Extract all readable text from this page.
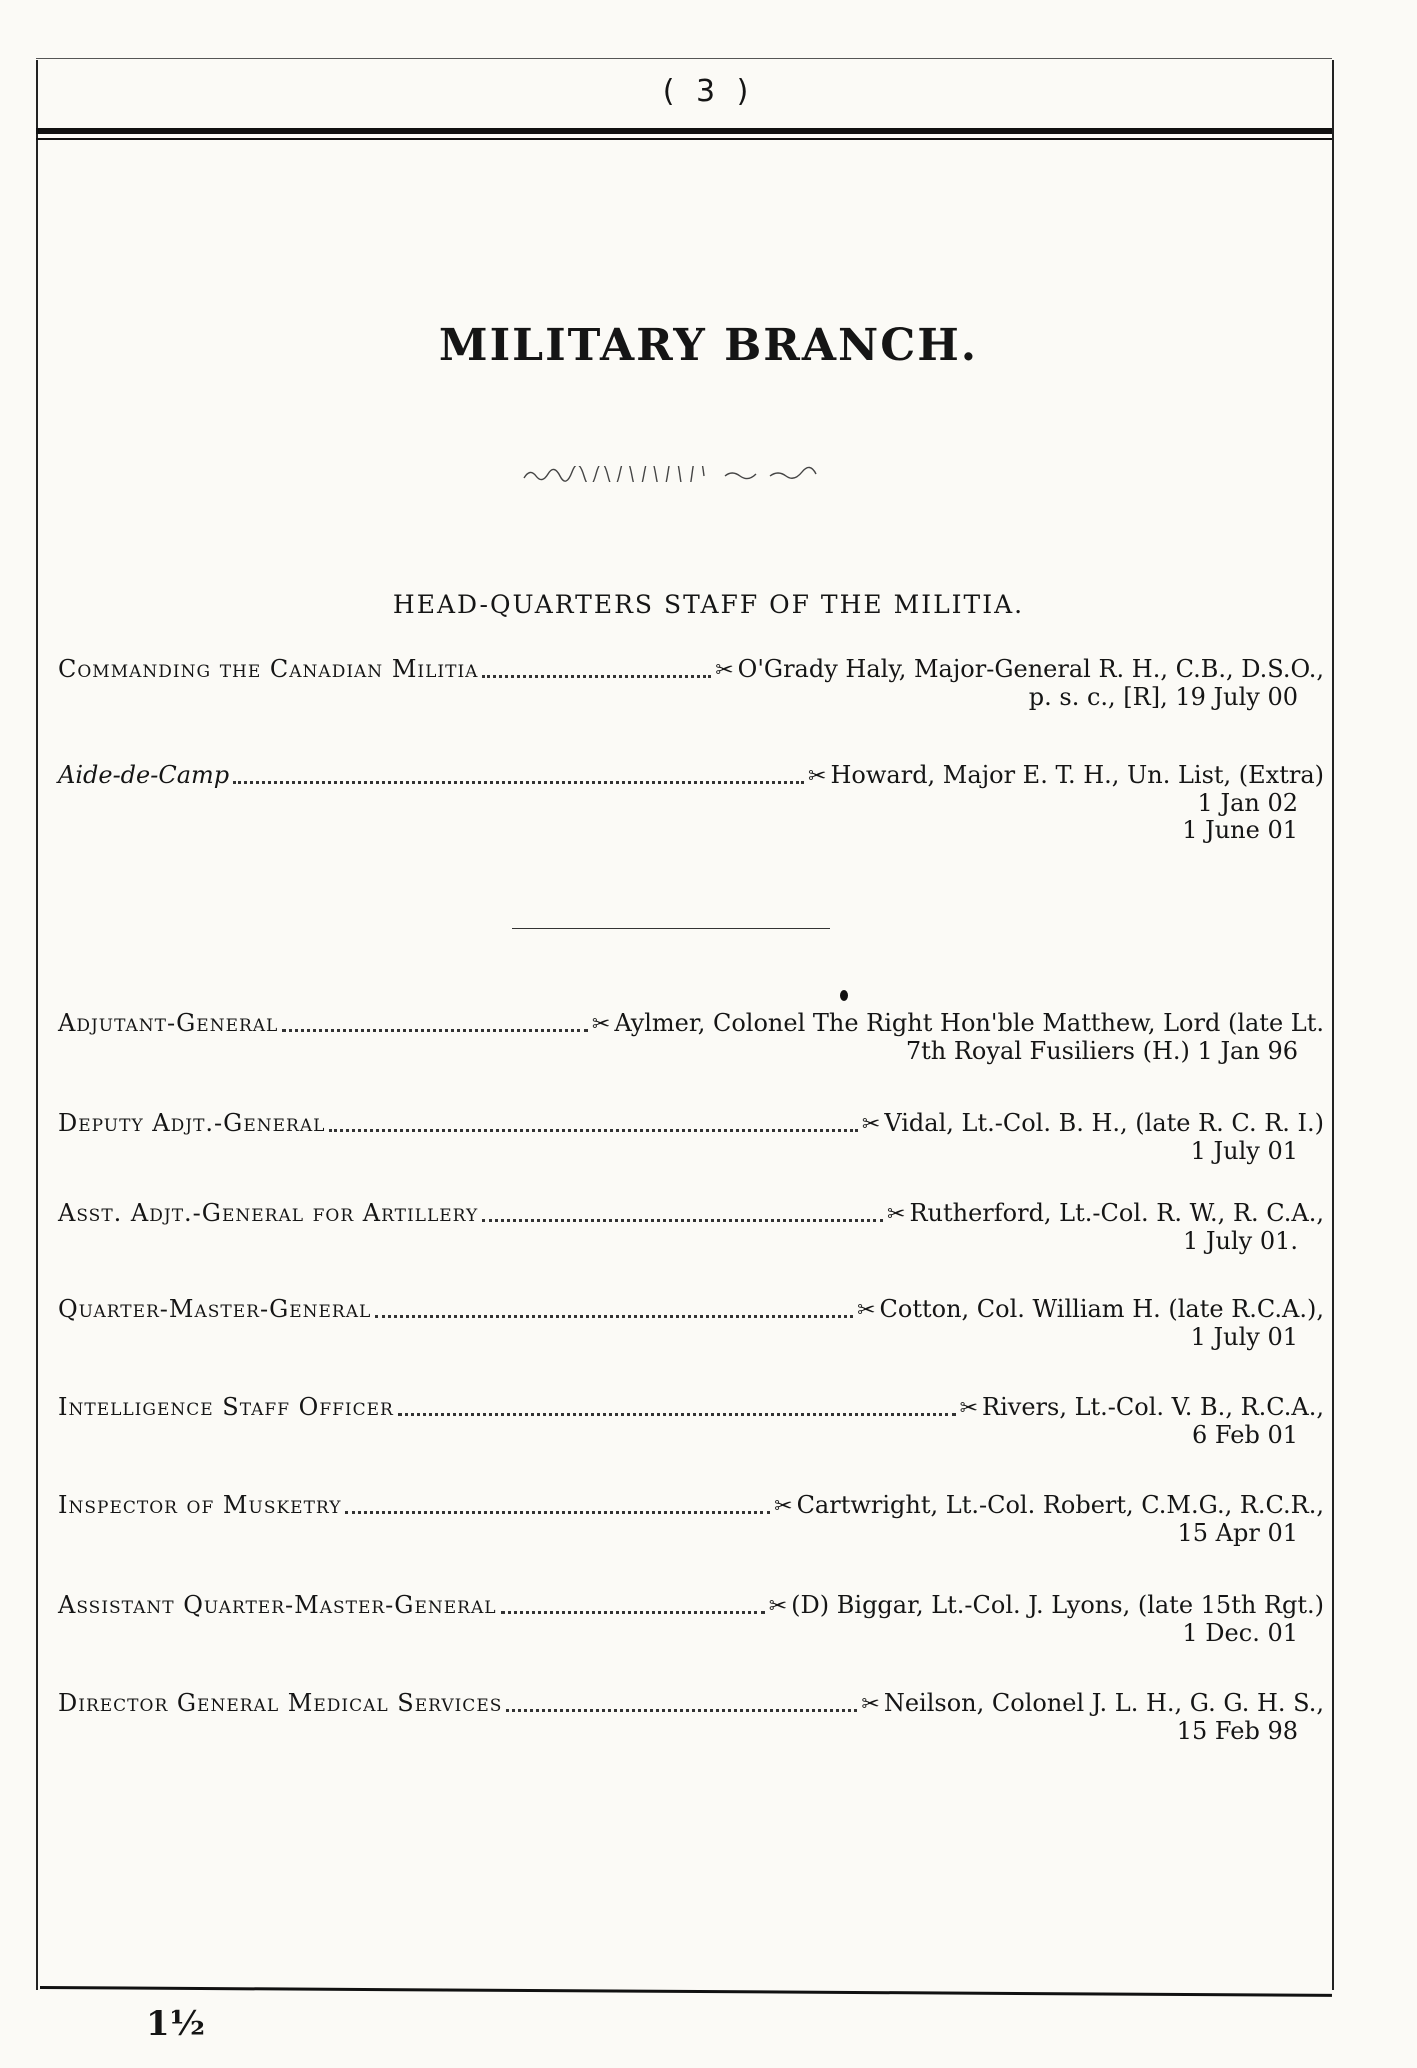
( 3 )
MILITARY BRANCH.
HEAD-QUARTERS STAFF OF THE MILITIA.
Commanding the Canadian Militia	✂ O'Grady Haly, Major-General R. H., C.B., D.S.O.,
p. s. c., [R], 19 July 00
Aide-de-Camp	✂ Howard, Major E. T. H., Un. List, (Extra)
1 Jan 02
1 June 01
Adjutant-General	✂ Aylmer, Colonel The Right Hon'ble Matthew, Lord (late Lt.
7th Royal Fusiliers (H.) 1 Jan 96
Deputy Adjt.-General	✂ Vidal, Lt.-Col. B. H., (late R. C. R. I.)
1 July 01
Asst. Adjt.-General for Artillery	✂ Rutherford, Lt.-Col. R. W., R. C.A.,
1 July 01.
Quarter-Master-General	✂ Cotton, Col. William H. (late R.C.A.),
1 July 01
Intelligence Staff Officer	✂ Rivers, Lt.-Col. V. B., R.C.A.,
6 Feb 01
Inspector of Musketry	✂ Cartwright, Lt.-Col. Robert, C.M.G., R.C.R.,
15 Apr 01
Assistant Quarter-Master-General	✂ (D) Biggar, Lt.-Col. J. Lyons, (late 15th Rgt.)
1 Dec. 01
Director General Medical Services	✂ Neilson, Colonel J. L. H., G. G. H. S.,
15 Feb 98
1½
